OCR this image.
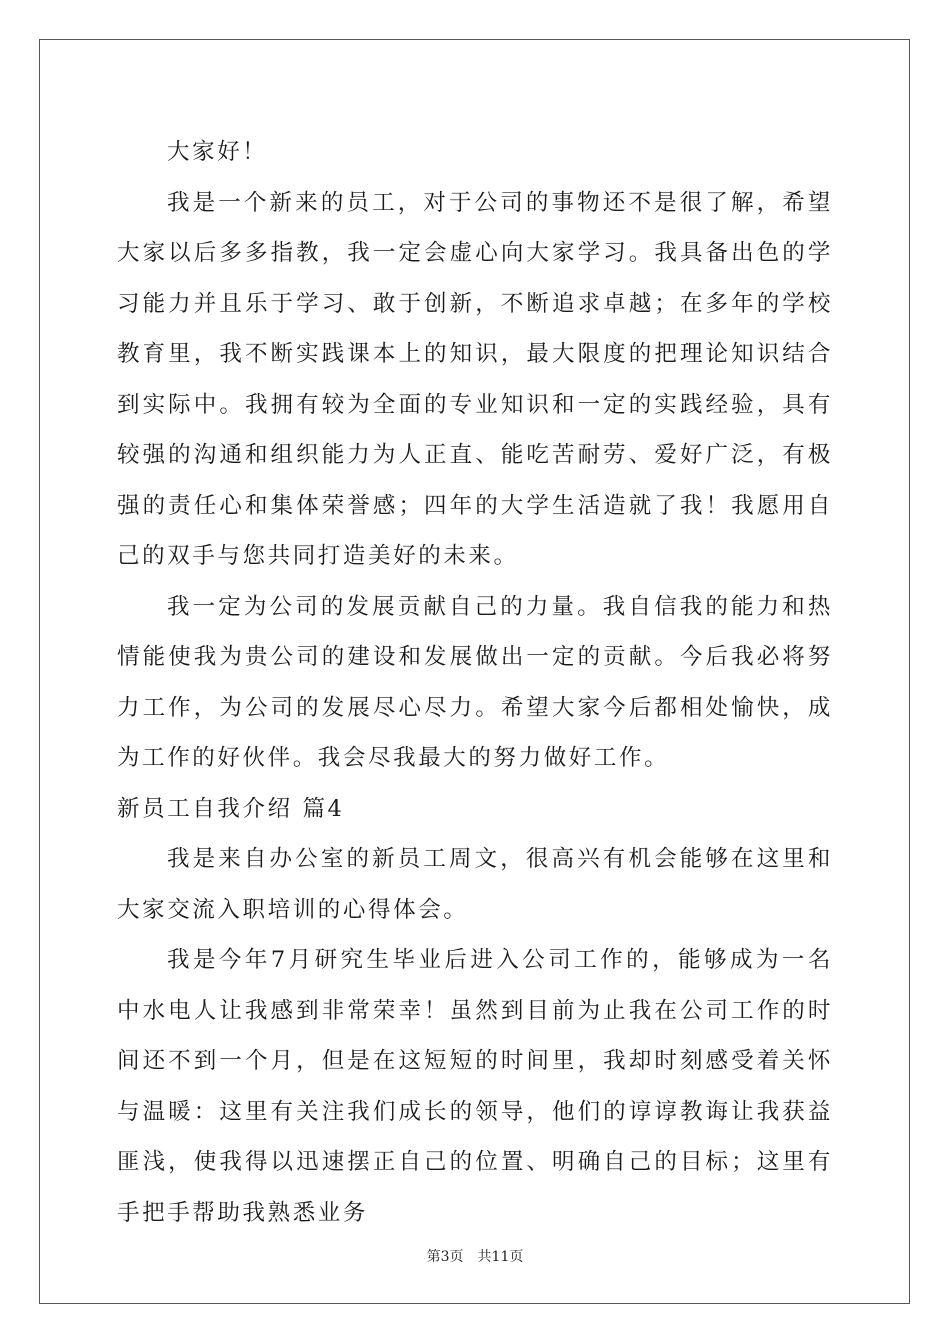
大家好！

我是一个新来的员工，对于公司的事物还不是很了解，希望大家以后多多指教，我一定会虚心向大家学习。我具备出色的学习能力并且乐于学习、敢于创新，不断追求卓越；在多年的学校教育里，我不断实践课本上的知识，最大限度的把理论知识结合到实际中。我拥有较为全面的专业知识和一定的实践经验，具有较强的沟通和组织能力为人正直、能吃苦耐劳、爱好广泛，有极强的责任心和集体荣誉感；四年的大学生活造就了我！我愿用自己的双手与您共同打造美好的未来。

我一定为公司的发展贡献自己的力量。我自信我的能力和热情能使我为贵公司的建设和发展做出一定的贡献。今后我必将努力工作，为公司的发展尽心尽力。希望大家今后都相处愉快，成为工作的好伙伴。我会尽我最大的努力做好工作。

新员工自我介绍 篇4

我是来自办公室的新员工周文，很高兴有机会能够在这里和大家交流入职培训的心得体会。

我是今年7月研究生毕业后进入公司工作的，能够成为一名中水电人让我感到非常荣幸！虽然到目前为止我在公司工作的时间还不到一个月，但是在这短短的时间里，我却时刻感受着关怀与温暖：这里有关注我们成长的领导，他们的谆谆教诲让我获益匪浅，使我得以迅速摆正自己的位置、明确自己的目标；这里有手把手帮助我熟悉业务

第3页 共11页
